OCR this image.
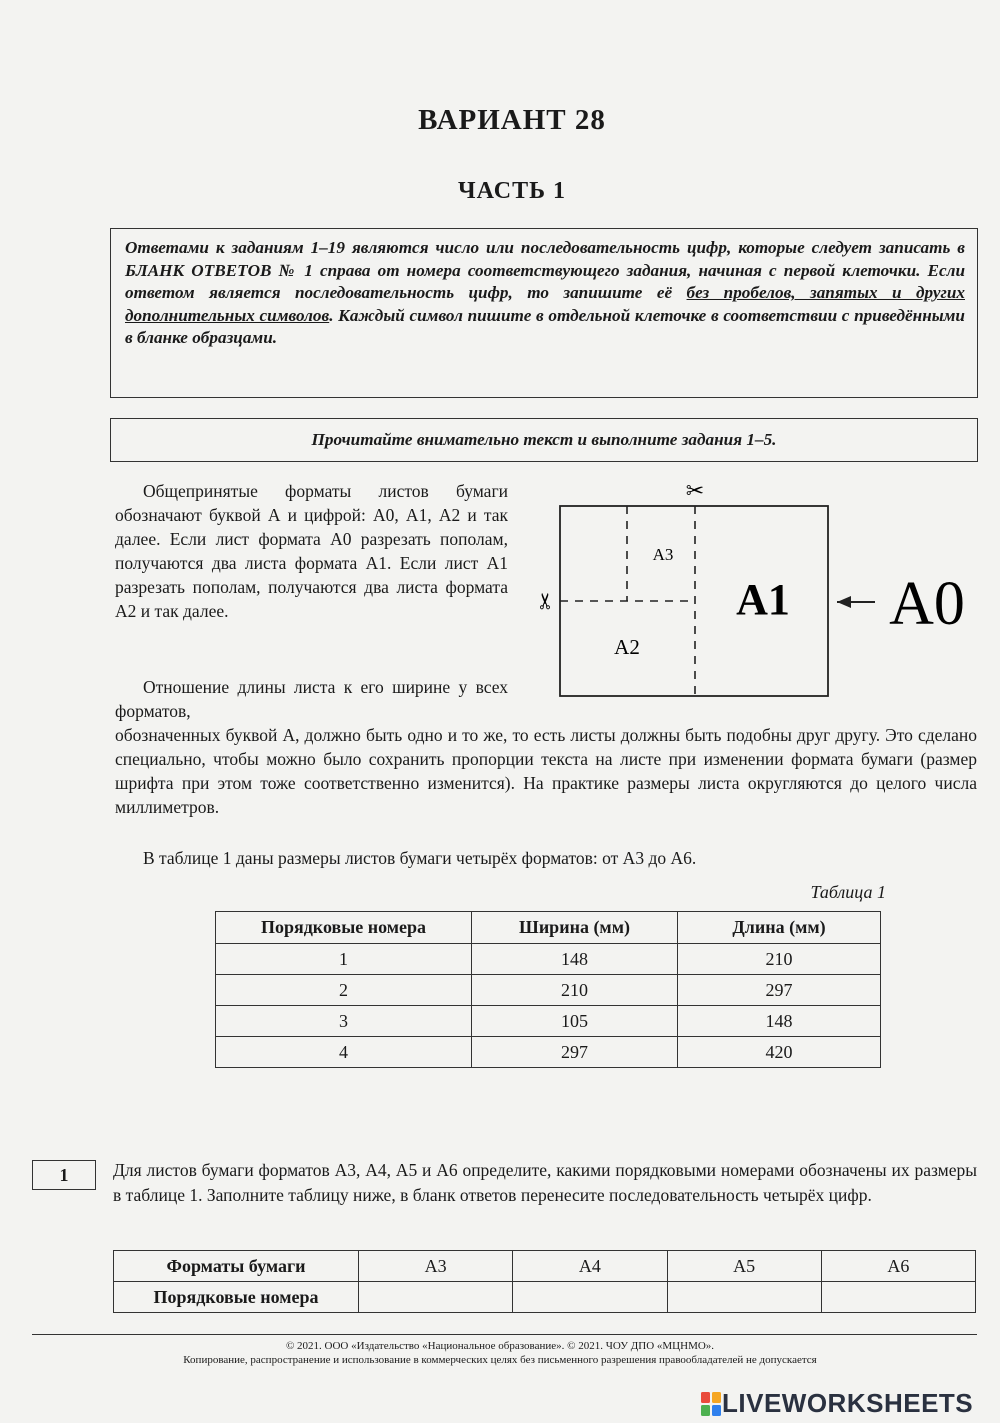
ВАРИАНТ 28
ЧАСТЬ 1
Ответами к заданиям 1–19 являются число или последовательность цифр, которые следует записать в БЛАНК ОТВЕТОВ № 1 справа от номера соответствующего задания, начиная с первой клеточки. Если ответом является последовательность цифр, то запишите её без пробелов, запятых и других дополнительных символов. Каждый символ пишите в отдельной клеточке в соответствии с приведёнными в бланке образцами.
Прочитайте внимательно текст и выполните задания 1–5.
Общепринятые форматы листов бумаги обозначают буквой А и цифрой: А0, А1, А2 и так далее. Если лист формата А0 разрезать пополам, получаются два листа формата А1. Если лист А1 разрезать пополам, получаются два листа формата А2 и так далее.
Отношение длины листа к его ширине у всех форматов,
обозначенных буквой А, должно быть одно и то же, то есть листы должны быть подобны друг другу. Это сделано специально, чтобы можно было сохранить пропорции текста на листе при изменении формата бумаги (размер шрифта при этом тоже соответственно изменится). На практике размеры листа округляются до целого числа миллиметров.
В таблице 1 даны размеры листов бумаги четырёх форматов: от А3 до А6.
✂
✂
А3
А2
А1 А0
Таблица 1
Порядковые номера	Ширина (мм)	Длина (мм)
1	148	210
2	210	297
3	105	148
4	297	420
1	Для листов бумаги форматов А3, А4, А5 и А6 определите, какими порядковыми номерами обозначены их размеры в таблице 1. Заполните таблицу ниже, в бланк ответов перенесите последовательность четырёх цифр.
Форматы бумаги	А3	А4	А5	А6
Порядковые номера				
© 2021. ООО «Издательство «Национальное образование». © 2021. ЧОУ ДПО «МЦНМО».
Копирование, распространение и использование в коммерческих целях без письменного разрешения правообладателей не допускается
LIVEWORKSHEETS
